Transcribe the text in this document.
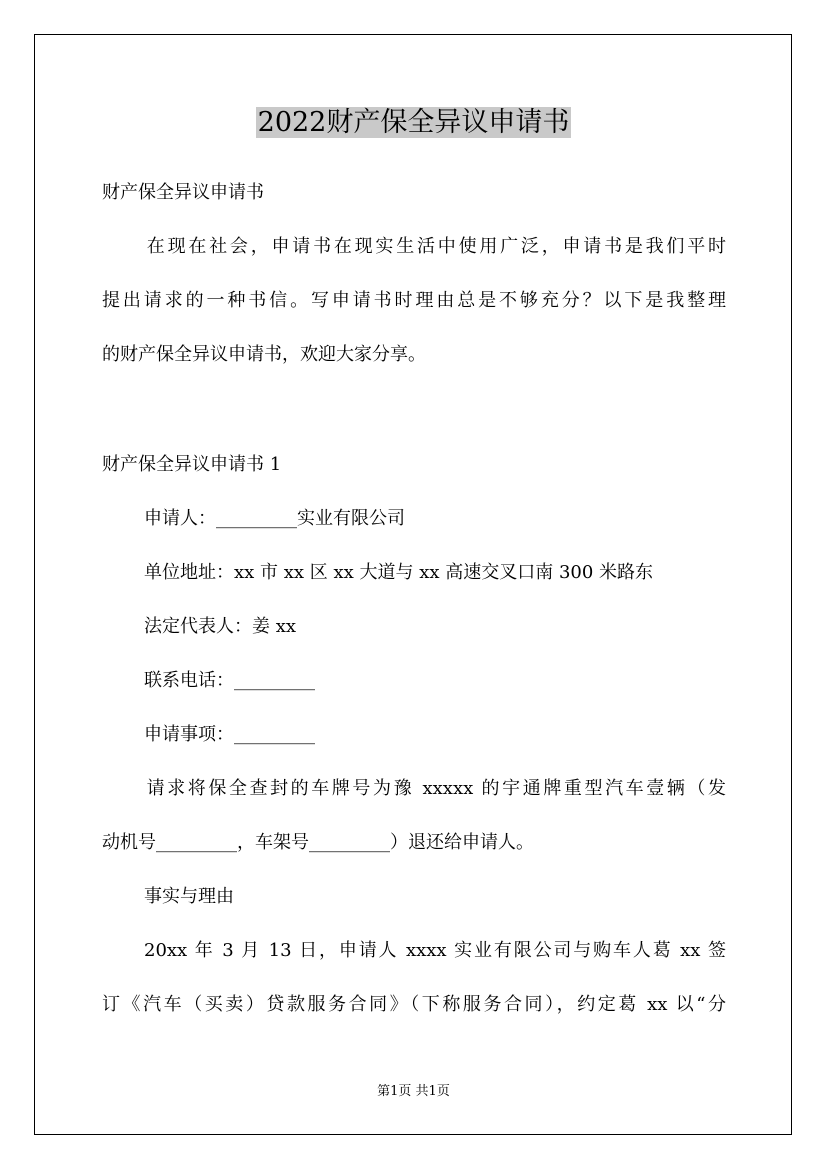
2022财产保全异议申请书
财产保全异议申请书
在现在社会，申请书在现实生活中使用广泛，申请书是我们平时
提出请求的一种书信。写申请书时理由总是不够充分？以下是我整理
的财产保全异议申请书，欢迎大家分享。
财产保全异议申请书 1
申请人：_________实业有限公司
单位地址：xx 市 xx 区 xx 大道与 xx 高速交叉口南 300 米路东
法定代表人：姜 xx
联系电话：_________
申请事项：_________
请求将保全查封的车牌号为豫 xxxxx 的宇通牌重型汽车壹辆（发
动机号_________，车架号_________）退还给申请人。
事实与理由
20xx 年 3 月 13 日，申请人 xxxx 实业有限公司与购车人葛 xx 签
订《汽车（买卖）贷款服务合同》（下称服务合同），约定葛 xx 以“分
第1页 共1页
